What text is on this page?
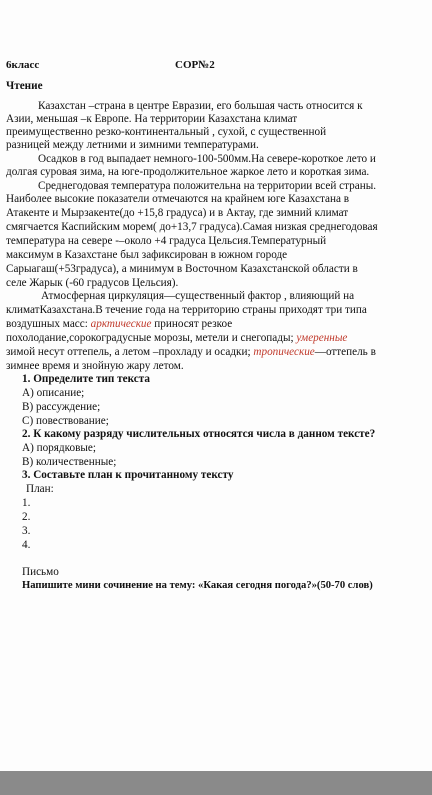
6класс	СОР№2
Чтение
Казахстан –страна в центре Евразии, его большая часть относится к
Азии, меньшая –к Европе. На территории Казахстана климат
преимущественно резко-континентальный , сухой, с существенной
разницей между летними и зимними температурами.
Осадков в год выпадает немного-100-500мм.На севере-короткое лето и
долгая суровая зима, на юге-продолжительное жаркое лето и короткая зима.
Среднегодовая температура положительна на территории всей страны.
Наиболее высокие показатели отмечаются на крайнем юге Казахстана в
Атакенте и Мырзакенте(до +15,8 градуса) и в Актау, где зимний климат
смягчается Каспийским морем( до+13,7 градуса).Самая низкая среднегодовая
температура на севере -–около +4 градуса Цельсия.Температурный
максимум в Казахстане был зафиксирован в южном городе
Сарыагаш(+53градуса), а минимум в Восточном Казахстанской области в
селе Жарык (-60 градусов Цельсия).
Атмосферная циркуляция—существенный фактор , влияющий на
климатКазахстана.В течение года на территорию страны приходят три типа
воздушных масс: арктические приносят резкое
похолодание,сорокоградусные морозы, метели и снегопады; умеренные
зимой несут оттепель, а летом –прохладу и осадки; тропические—оттепель в
зимнее время и знойную жару летом.
1. Определите тип текста
А) описание;
В) рассуждение;
С) повествование;
2. К какому разряду числительных относятся числа в данном тексте?
А) порядковые;
В) количественные;
3. Составьте план к прочитанному тексту
План:
1.
2.
3.
4.
Письмо
Напишите мини сочинение на тему: «Какая сегодня погода?»(50-70 слов)
